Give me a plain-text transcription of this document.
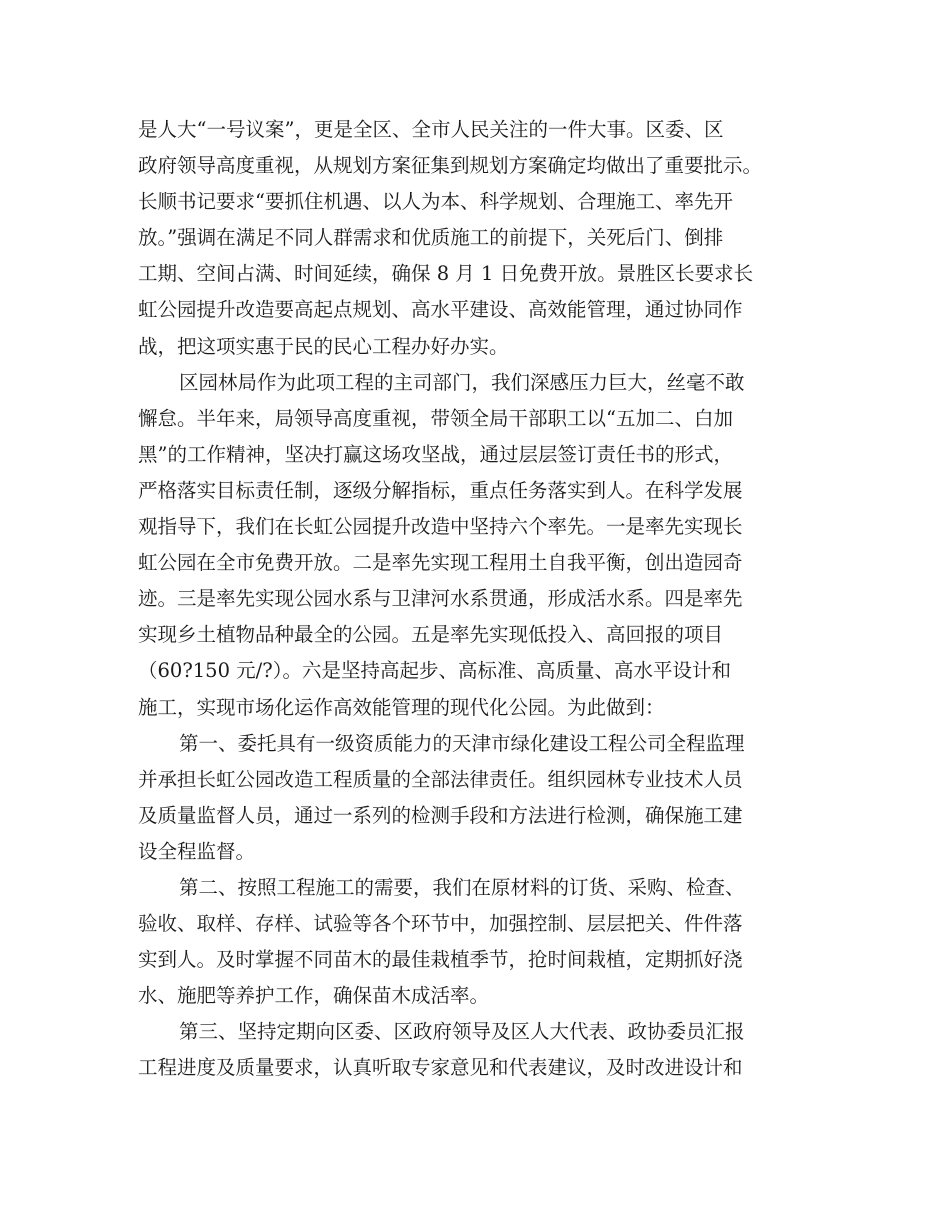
是人大“一号议案”，更是全区、全市人民关注的一件大事。区委、区
政府领导高度重视，从规划方案征集到规划方案确定均做出了重要批示。
长顺书记要求“要抓住机遇、以人为本、科学规划、合理施工、率先开
放。”强调在满足不同人群需求和优质施工的前提下，关死后门、倒排
工期、空间占满、时间延续，确保 8 月 1 日免费开放。景胜区长要求长
虹公园提升改造要高起点规划、高水平建设、高效能管理，通过协同作
战，把这项实惠于民的民心工程办好办实。
区园林局作为此项工程的主司部门，我们深感压力巨大，丝毫不敢
懈怠。半年来，局领导高度重视，带领全局干部职工以“五加二、白加
黑”的工作精神，坚决打赢这场攻坚战，通过层层签订责任书的形式，
严格落实目标责任制，逐级分解指标，重点任务落实到人。在科学发展
观指导下，我们在长虹公园提升改造中坚持六个率先。一是率先实现长
虹公园在全市免费开放。二是率先实现工程用土自我平衡，创出造园奇
迹。三是率先实现公园水系与卫津河水系贯通，形成活水系。四是率先
实现乡土植物品种最全的公园。五是率先实现低投入、高回报的项目
（60?150 元/?）。六是坚持高起步、高标准、高质量、高水平设计和
施工，实现市场化运作高效能管理的现代化公园。为此做到：
第一、委托具有一级资质能力的天津市绿化建设工程公司全程监理
并承担长虹公园改造工程质量的全部法律责任。组织园林专业技术人员
及质量监督人员，通过一系列的检测手段和方法进行检测，确保施工建
设全程监督。
第二、按照工程施工的需要，我们在原材料的订货、采购、检查、
验收、取样、存样、试验等各个环节中，加强控制、层层把关、件件落
实到人。及时掌握不同苗木的最佳栽植季节，抢时间栽植，定期抓好浇
水、施肥等养护工作，确保苗木成活率。
第三、坚持定期向区委、区政府领导及区人大代表、政协委员汇报
工程进度及质量要求，认真听取专家意见和代表建议，及时改进设计和
